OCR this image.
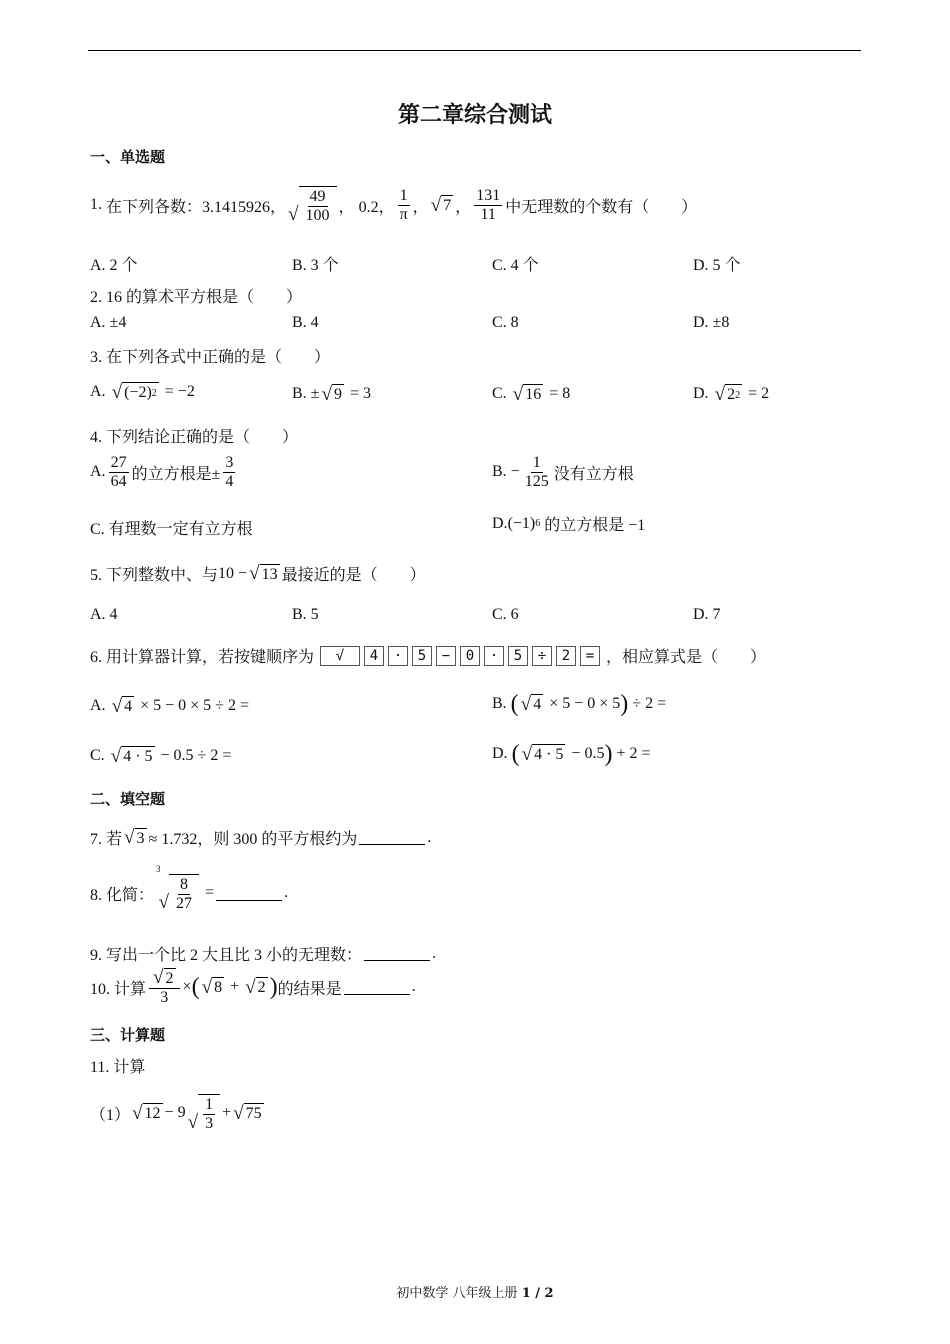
第二章综合测试
一、单选题
1.
在下列各数：3.1415926， √ $\frac{49}{100}$ ，
0.2， $\frac{1}{\pi}$ ， √ 7 ， $\frac{131}{11}$ 中无理数的个数有（　　）
A. 2 个	B. 3 个	C. 4 个	D. 5 个
2. 16 的算术平方根是（　　）
A. ±4	B. 4	C. 8	D. ±8
3. 在下列各式中正确的是（　　）
A.
√ (−2) 2
= −2	B. ± √ 9
= 3	C.
√ 16
= 8	D.
√ 2 2
= 2
4. 下列结论正确的是（　　）
A. $\frac{27}{64}$ 的立方根是± $\frac{3}{4}$	B. − $\frac{1}{125}$ 没有立方根
C. 有理数一定有立方根	D. (−1) 6
的立方根是 −1
5. 下列整数中、与 10 − √ 13 最接近的是（　　）
A. 4	B. 5	C. 6	D. 7
6. 用计算器计算，若按键顺序为	√	4	·	5	−	0	·	5	÷	2	= ，相应算式是（　　）
A.
√ 4
× 5 − 0 × 5 ÷ 2 =	B.
( √ 4
× 5 − 0 × 5 )
÷ 2 =
C.
√ 4 · 5
− 0.5 ÷ 2 =	D.
( √ 4 · 5
− 0.5 )
+ 2 =
二、填空题
7. 若 √ 3 ≈ 1.732，则 300 的平方根约为	.
8. 化简：
3
√ $\frac{8}{27}$
=	.
9. 写出一个比 2 大且比 3 小的无理数：	.
10. 计算 $\frac{√ 2}{3}$ × ( √ 8
+
√ 2 ) 的结果是	.
三、计算题
11. 计算
（1） √ 12 − 9 √ $\frac{1}{3}$ + √ 75
初中数学 八年级上册 1 / 2
